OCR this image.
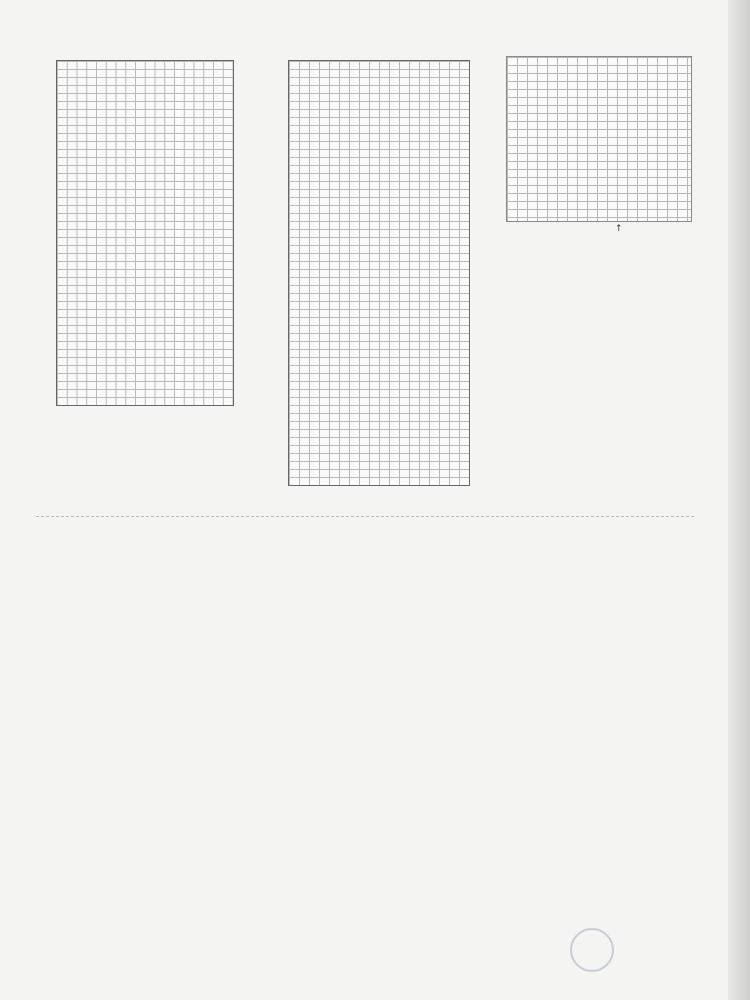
↑
